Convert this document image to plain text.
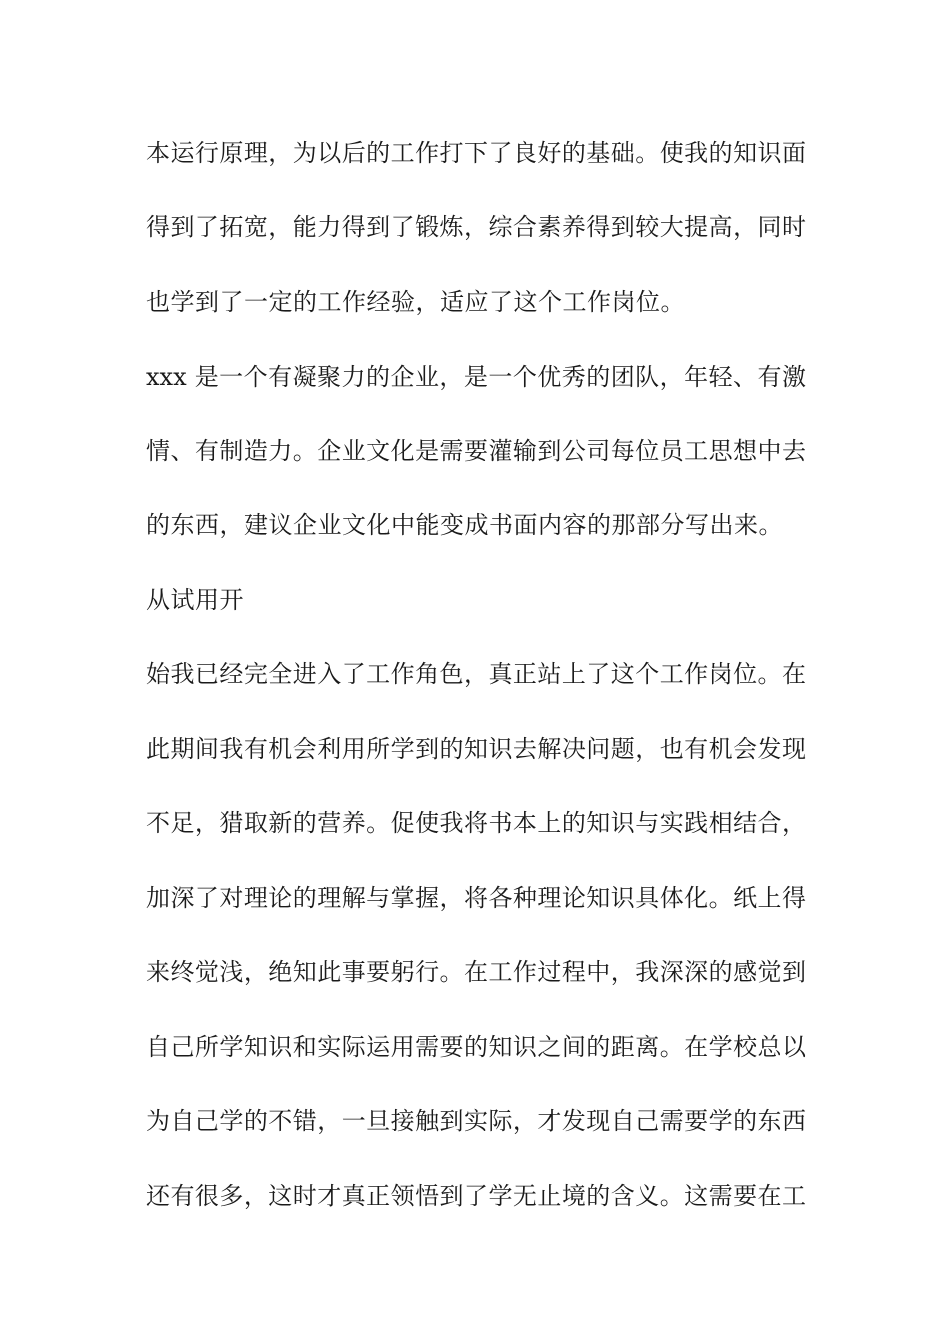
本运行原理，为以后的工作打下了良好的基础。使我的知识面
得到了拓宽，能力得到了锻炼，综合素养得到较大提高，同时
也学到了一定的工作经验，适应了这个工作岗位。
xxx 是一个有凝聚力的企业，是一个优秀的团队，年轻、有激
情、有制造力。企业文化是需要灌输到公司每位员工思想中去
的东西，建议企业文化中能变成书面内容的那部分写出来。
从试用开
始我已经完全进入了工作角色，真正站上了这个工作岗位。在
此期间我有机会利用所学到的知识去解决问题，也有机会发现
不足，猎取新的营养。促使我将书本上的知识与实践相结合，
加深了对理论的理解与掌握，将各种理论知识具体化。纸上得
来终觉浅，绝知此事要躬行。在工作过程中，我深深的感觉到
自己所学知识和实际运用需要的知识之间的距离。在学校总以
为自己学的不错，一旦接触到实际，才发现自己需要学的东西
还有很多，这时才真正领悟到了学无止境的含义。这需要在工
